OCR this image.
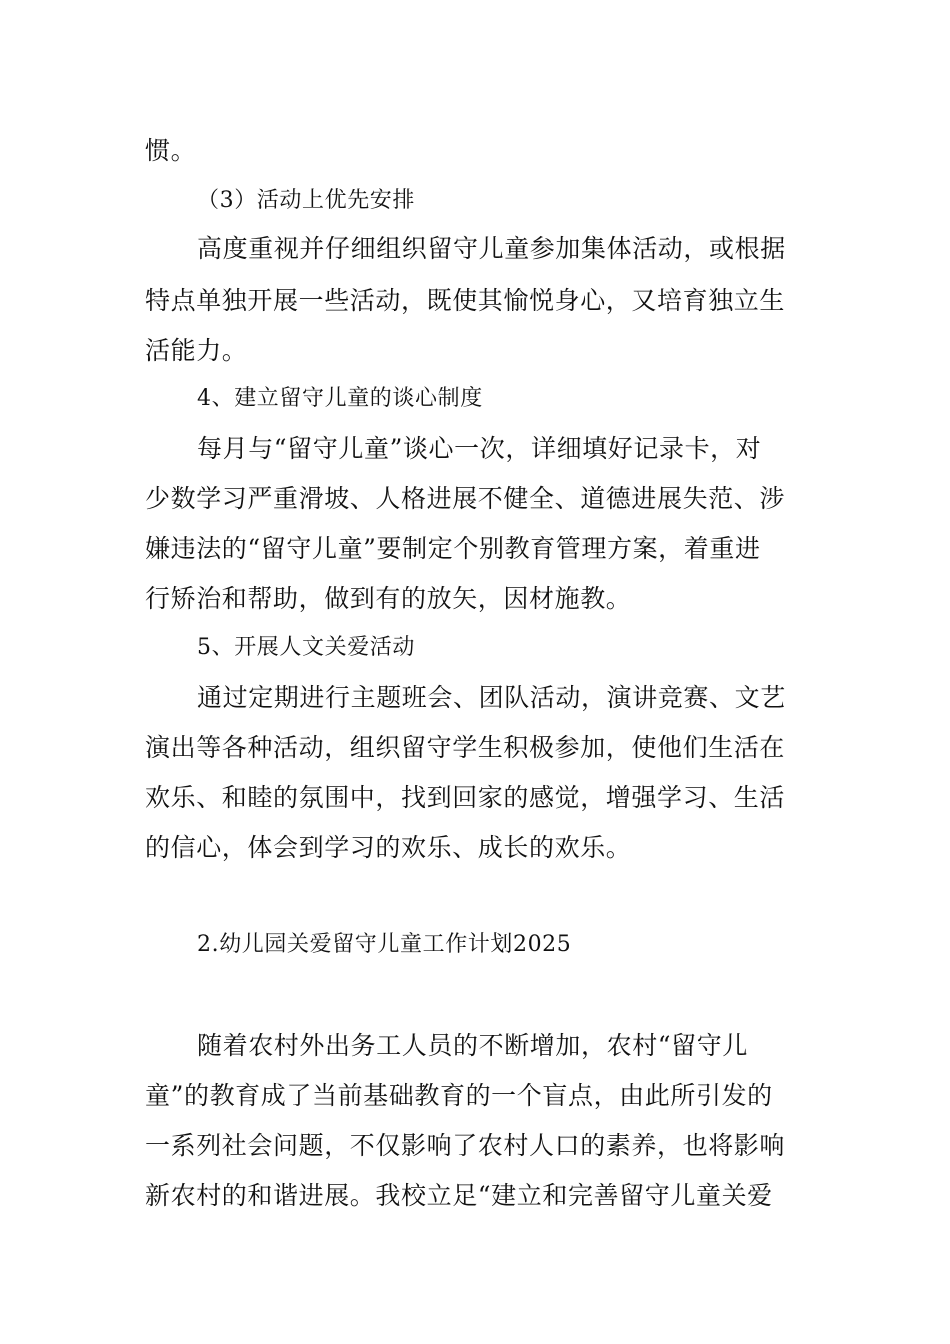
惯。
（3）活动上优先安排
高度重视并仔细组织留守儿童参加集体活动，或根据
特点单独开展一些活动，既使其愉悦身心，又培育独立生
活能力。
4、建立留守儿童的谈心制度
每月与“留守儿童”谈心一次，详细填好记录卡，对
少数学习严重滑坡、人格进展不健全、道德进展失范、涉
嫌违法的“留守儿童”要制定个别教育管理方案，着重进
行矫治和帮助，做到有的放矢，因材施教。
5、开展人文关爱活动
通过定期进行主题班会、团队活动，演讲竞赛、文艺
演出等各种活动，组织留守学生积极参加，使他们生活在
欢乐、和睦的氛围中，找到回家的感觉，增强学习、生活
的信心，体会到学习的欢乐、成长的欢乐。
2.幼儿园关爱留守儿童工作计划2025
随着农村外出务工人员的不断增加，农村“留守儿
童”的教育成了当前基础教育的一个盲点，由此所引发的
一系列社会问题，不仅影响了农村人口的素养，也将影响
新农村的和谐进展。我校立足“建立和完善留守儿童关爱
